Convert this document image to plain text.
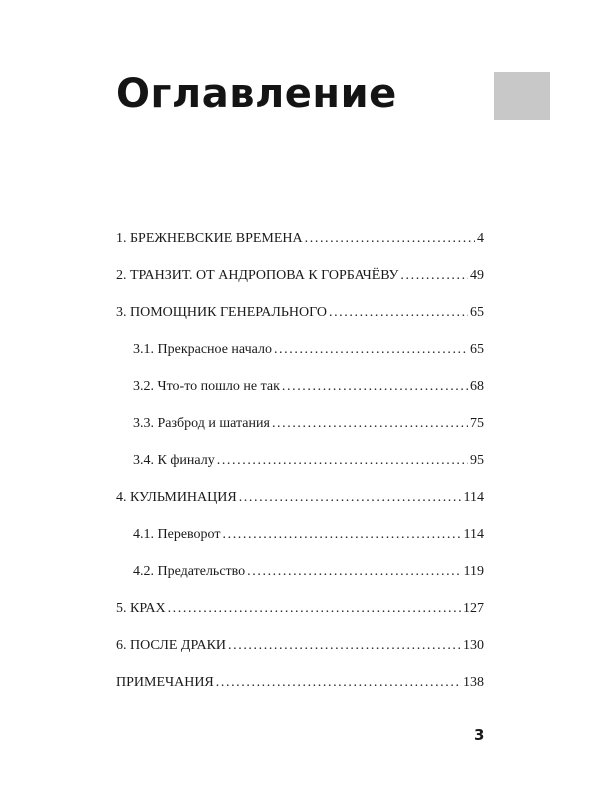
Оглавление
1. БРЕЖНЕВСКИЕ ВРЕМЕНА .....	4
2. ТРАНЗИТ. ОТ АНДРОПОВА К ГОРБАЧЁВУ .....	49
3. ПОМОЩНИК ГЕНЕРАЛЬНОГО .....	65
3.1. Прекрасное начало .....	65
3.2. Что-то пошло не так .....	68
3.3. Разброд и шатания .....	75
3.4. К финалу .....	95
4. КУЛЬМИНАЦИЯ .....	114
4.1. Переворот .....	114
4.2. Предательство .....	119
5. КРАХ .....	127
6. ПОСЛЕ ДРАКИ .....	130
ПРИМЕЧАНИЯ .....	138
3
